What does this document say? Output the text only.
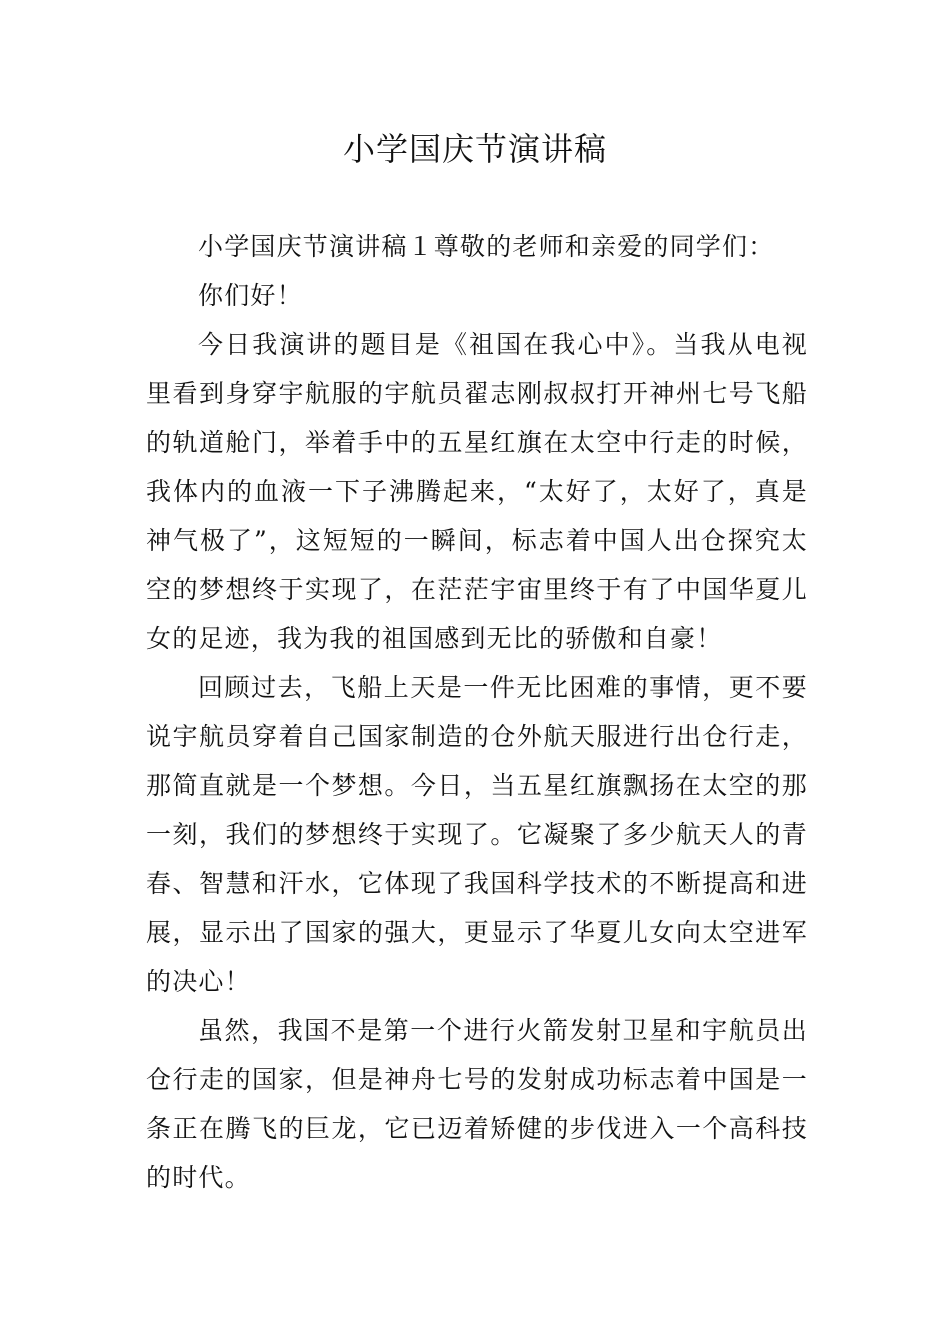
小学国庆节演讲稿

小学国庆节演讲稿１尊敬的老师和亲爱的同学们：

你们好！

今日我演讲的题目是《祖国在我心中》。当我从电视里看到身穿宇航服的宇航员翟志刚叔叔打开神州七号飞船的轨道舱门，举着手中的五星红旗在太空中行走的时候，我体内的血液一下子沸腾起来，“太好了，太好了，真是神气极了”，这短短的一瞬间，标志着中国人出仓探究太空的梦想终于实现了，在茫茫宇宙里终于有了中国华夏儿女的足迹，我为我的祖国感到无比的骄傲和自豪！

回顾过去，飞船上天是一件无比困难的事情，更不要说宇航员穿着自己国家制造的仓外航天服进行出仓行走，那简直就是一个梦想。今日，当五星红旗飘扬在太空的那一刻，我们的梦想终于实现了。它凝聚了多少航天人的青春、智慧和汗水，它体现了我国科学技术的不断提高和进展，显示出了国家的强大，更显示了华夏儿女向太空进军的决心！

虽然，我国不是第一个进行火箭发射卫星和宇航员出仓行走的国家，但是神舟七号的发射成功标志着中国是一条正在腾飞的巨龙，它已迈着矫健的步伐进入一个高科技的时代。
